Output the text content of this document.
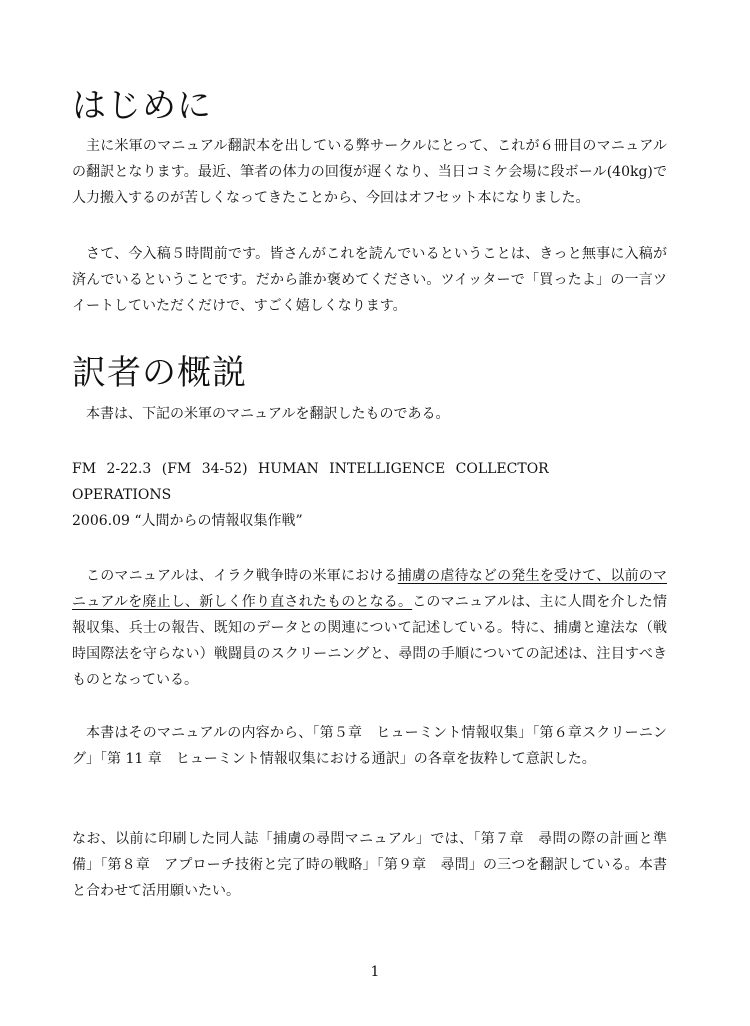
はじめに

主に米軍のマニュアル翻訳本を出している弊サークルにとって、これが６冊目のマニュアルの翻訳となります。最近、筆者の体力の回復が遅くなり、当日コミケ会場に段ボール(40kg)で人力搬入するのが苦しくなってきたことから、今回はオフセット本になりました。

さて、今入稿５時間前です。皆さんがこれを読んでいるということは、きっと無事に入稿が済んでいるということです。だから誰か褒めてください。ツイッターで「買ったよ」の一言ツイートしていただくだけで、すごく嬉しくなります。

訳者の概説

本書は、下記の米軍のマニュアルを翻訳したものである。

FM 2-22.3 (FM 34-52) HUMAN INTELLIGENCE COLLECTOR OPERATIONS

2006.09 “人間からの情報収集作戦”

このマニュアルは、イラク戦争時の米軍における捕虜の虐待などの発生を受けて、以前のマニュアルを廃止し、新しく作り直されたものとなる。このマニュアルは、主に人間を介した情報収集、兵士の報告、既知のデータとの関連について記述している。特に、捕虜と違法な（戦時国際法を守らない）戦闘員のスクリーニングと、尋問の手順についての記述は、注目すべきものとなっている。

本書はそのマニュアルの内容から、「第５章　ヒューミント情報収集」「第６章スクリーニング」「第 11 章　ヒューミント情報収集における通訳」の各章を抜粋して意訳した。

なお、以前に印刷した同人誌「捕虜の尋問マニュアル」では、「第７章　尋問の際の計画と準備」「第８章　アプローチ技術と完了時の戦略」「第９章　尋問」の三つを翻訳している。本書と合わせて活用願いたい。

1
